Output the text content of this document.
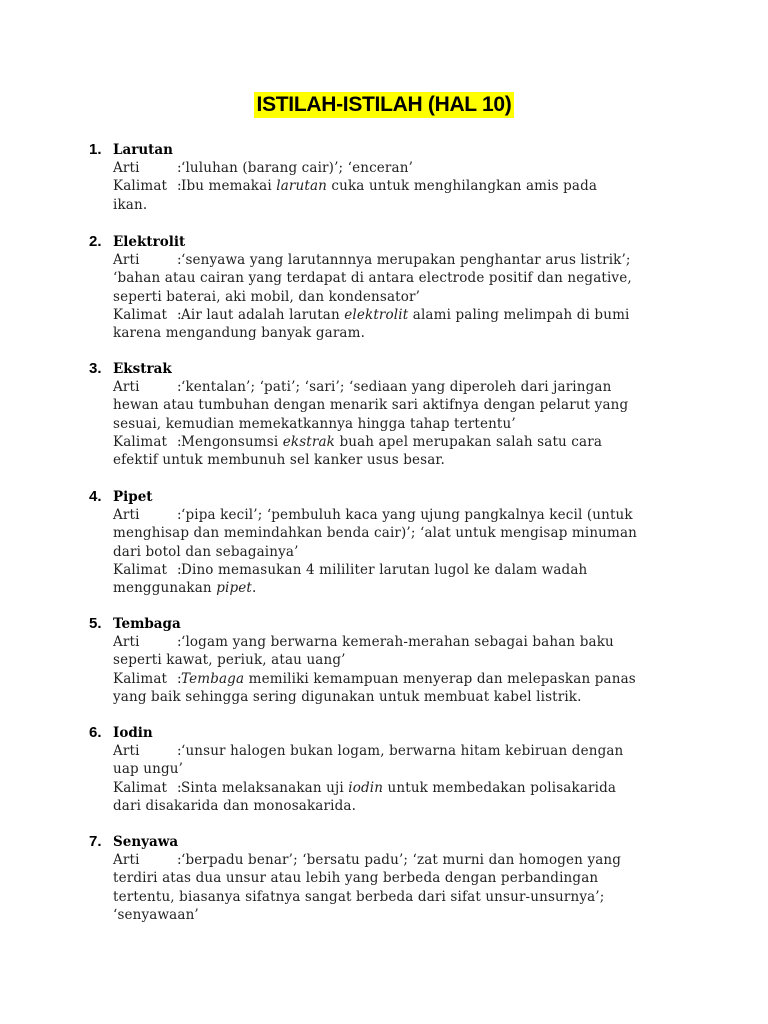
ISTILAH-ISTILAH (HAL 10)
1. Larutan
Arti	: ‘luluhan (barang cair)’; ‘enceran’
Kalimat : Ibu memakai larutan cuka untuk menghilangkan amis pada
ikan.
2. Elektrolit
Arti	: ‘senyawa yang larutannnya merupakan penghantar arus listrik’;
‘bahan atau cairan yang terdapat di antara electrode positif dan negative,
seperti baterai, aki mobil, dan kondensator’
Kalimat : Air laut adalah larutan elektrolit alami paling melimpah di bumi
karena mengandung banyak garam.
3. Ekstrak
Arti	: ‘kentalan’; ‘pati’; ‘sari’; ‘sediaan yang diperoleh dari jaringan
hewan atau tumbuhan dengan menarik sari aktifnya dengan pelarut yang
sesuai, kemudian memekatkannya hingga tahap tertentu’
Kalimat : Mengonsumsi ekstrak buah apel merupakan salah satu cara
efektif untuk membunuh sel kanker usus besar.
4. Pipet
Arti	: ‘pipa kecil’; ‘pembuluh kaca yang ujung pangkalnya kecil (untuk
menghisap dan memindahkan benda cair)’; ‘alat untuk mengisap minuman
dari botol dan sebagainya’
Kalimat : Dino memasukan 4 mililiter larutan lugol ke dalam wadah
menggunakan pipet.
5. Tembaga
Arti	: ‘logam yang berwarna kemerah-merahan sebagai bahan baku
seperti kawat, periuk, atau uang’
Kalimat : Tembaga memiliki kemampuan menyerap dan melepaskan panas
yang baik sehingga sering digunakan untuk membuat kabel listrik.
6. Iodin
Arti	: ‘unsur halogen bukan logam, berwarna hitam kebiruan dengan
uap ungu’
Kalimat : Sinta melaksanakan uji iodin untuk membedakan polisakarida
dari disakarida dan monosakarida.
7. Senyawa
Arti	: ‘berpadu benar’; ‘bersatu padu’; ‘zat murni dan homogen yang
terdiri atas dua unsur atau lebih yang berbeda dengan perbandingan
tertentu, biasanya sifatnya sangat berbeda dari sifat unsur-unsurnya’;
‘senyawaan’
